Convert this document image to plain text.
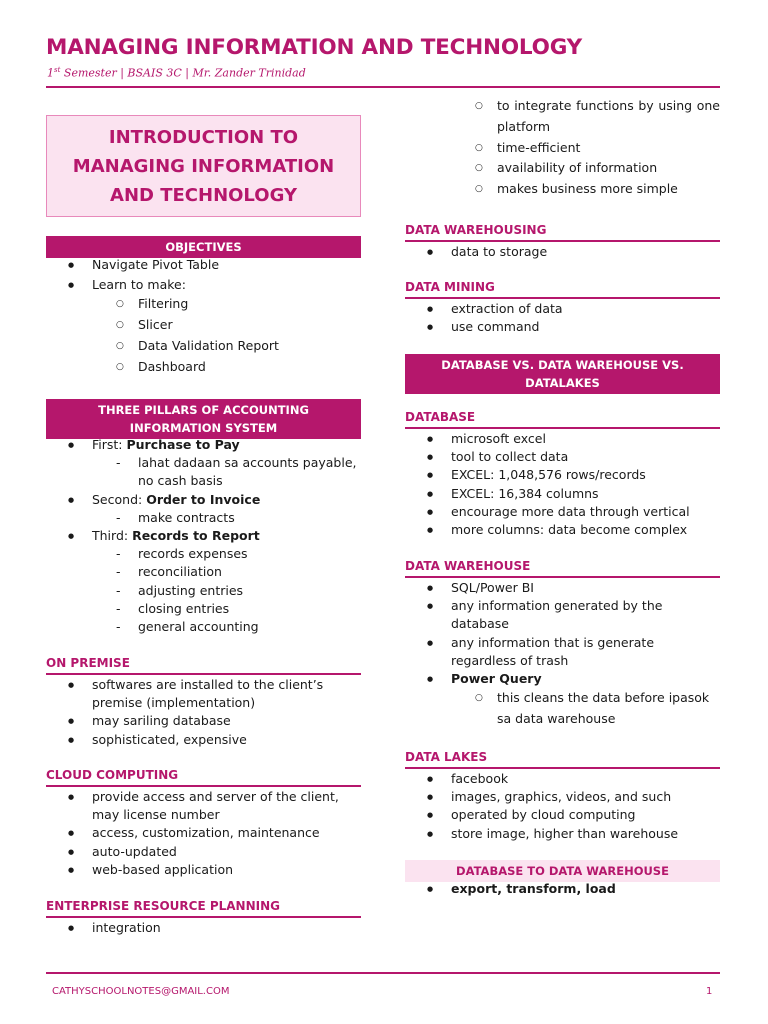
MANAGING INFORMATION AND TECHNOLOGY
1st Semester | BSAIS 3C | Mr. Zander Trinidad
INTRODUCTION TO MANAGING INFORMATION AND TECHNOLOGY
OBJECTIVES
● Navigate Pivot Table
● Learn to make:
○ Filtering
○ Slicer
○ Data Validation Report
○ Dashboard
THREE PILLARS OF ACCOUNTING INFORMATION SYSTEM
● First: Purchase to Pay
- lahat dadaan sa accounts payable, no cash basis
● Second: Order to Invoice
- make contracts
● Third: Records to Report
- records expenses
- reconciliation
- adjusting entries
- closing entries
- general accounting
ON PREMISE
● softwares are installed to the client’s premise (implementation)
● may sariling database
● sophisticated, expensive
CLOUD COMPUTING
● provide access and server of the client, may license number
● access, customization, maintenance
● auto-updated
● web-based application
ENTERPRISE RESOURCE PLANNING
● integration
○ to integrate functions by using one platform
○ time-efficient
○ availability of information
○ makes business more simple
DATA WAREHOUSING
● data to storage
DATA MINING
● extraction of data
● use command
DATABASE VS. DATA WAREHOUSE VS. DATALAKES
DATABASE
● microsoft excel
● tool to collect data
● EXCEL: 1,048,576 rows/records
● EXCEL: 16,384 columns
● encourage more data through vertical
● more columns: data become complex
DATA WAREHOUSE
● SQL/Power BI
● any information generated by the database
● any information that is generate regardless of trash
● Power Query
○ this cleans the data before ipasok sa data warehouse
DATA LAKES
● facebook
● images, graphics, videos, and such
● operated by cloud computing
● store image, higher than warehouse
DATABASE TO DATA WAREHOUSE
● export, transform, load
CATHYSCHOOLNOTES@GMAIL.COM	1
